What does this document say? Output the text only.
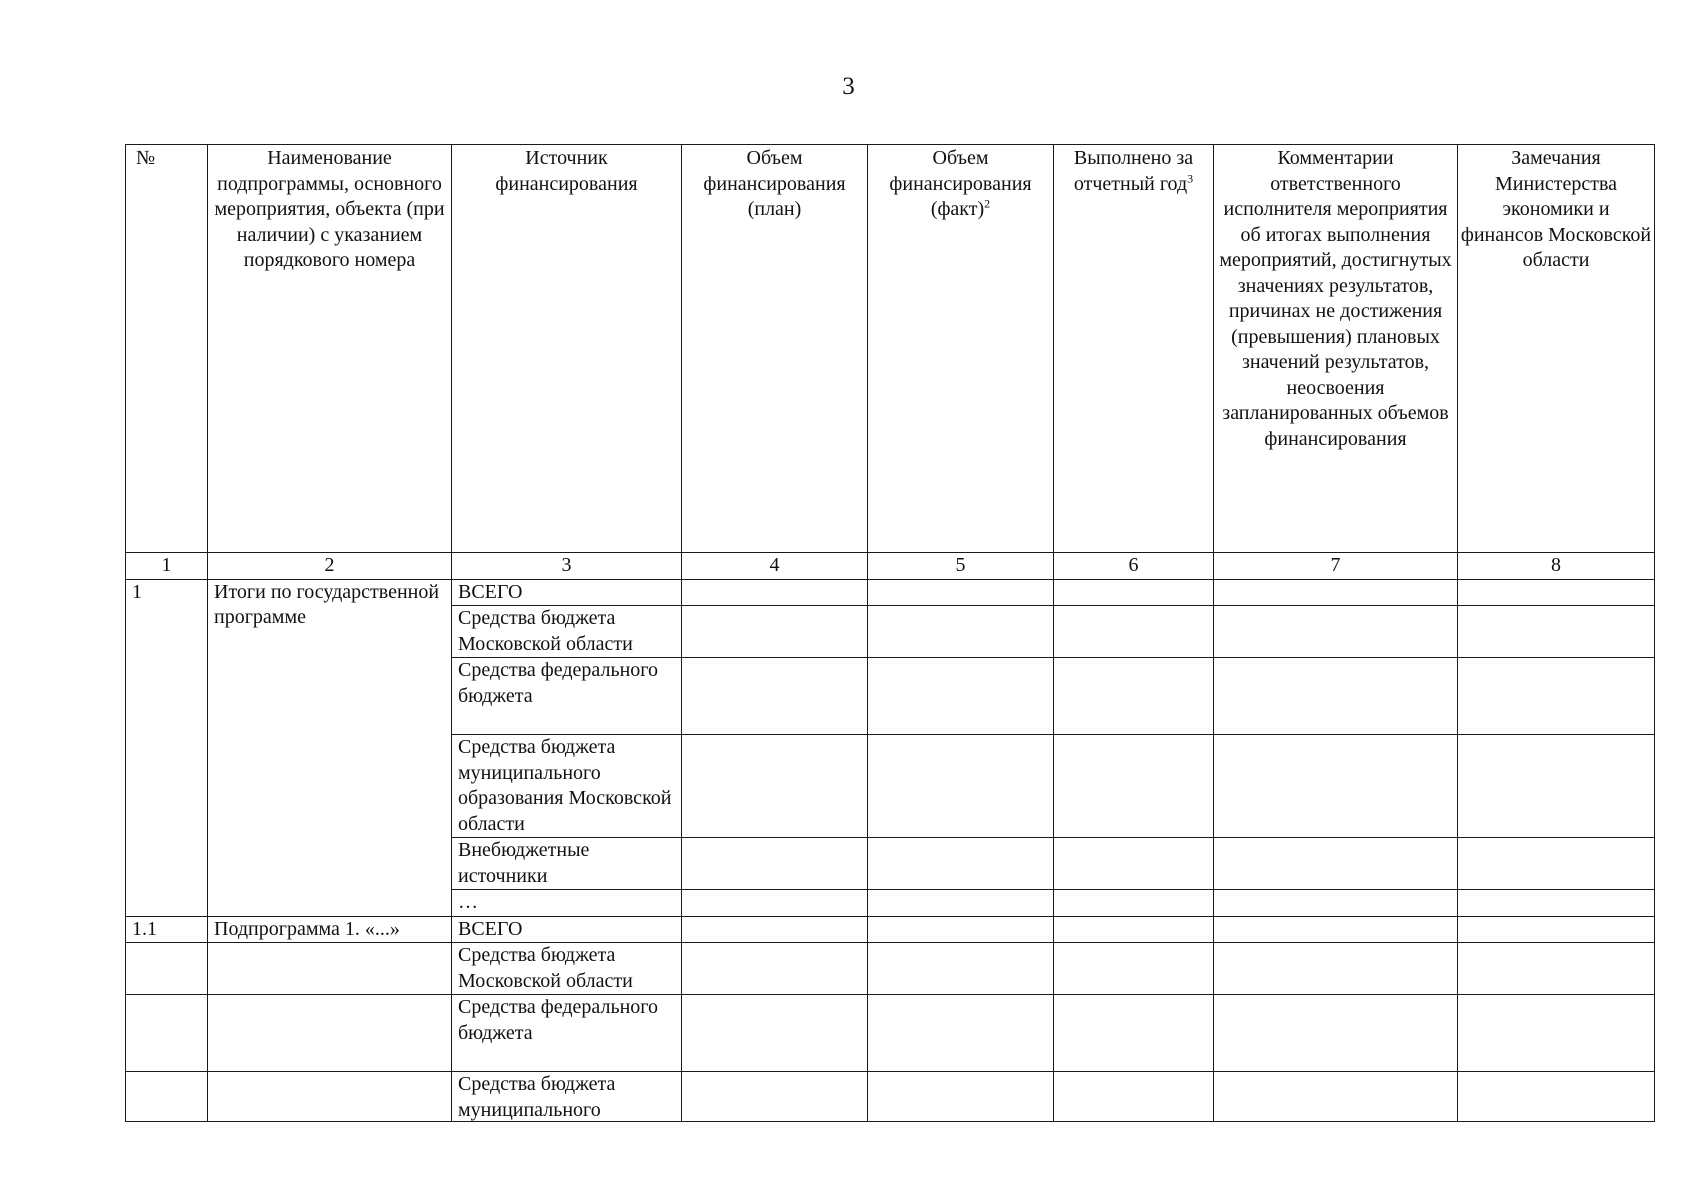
3
№	Наименование подпрограммы, основного мероприятия, объекта (при наличии) с указанием порядкового номера	Источник финансирования	Объем финансирования (план)	Объем финансирования (факт)$^2$	Выполнено за отчетный год$^3$	Комментарии ответственного исполнителя мероприятия об итогах выполнения мероприятий, достигнутых значениях результатов, причинах не достижения (превышения) плановых значений результатов, неосвоения запланированных объемов финансирования	Замечания Министерства экономики и финансов Московской области
1	2	3	4	5	6	7	8
1	Итоги по государственной программе	ВСЕГО					
		Средства бюджета Московской области					
		Средства федерального бюджета					
		Средства бюджета муниципального образования Московской области					
		Внебюджетные источники					
		…					
1.1	Подпрограмма 1. «...»	ВСЕГО					
		Средства бюджета Московской области					
		Средства федерального бюджета					

		Средства бюджета муниципального					
